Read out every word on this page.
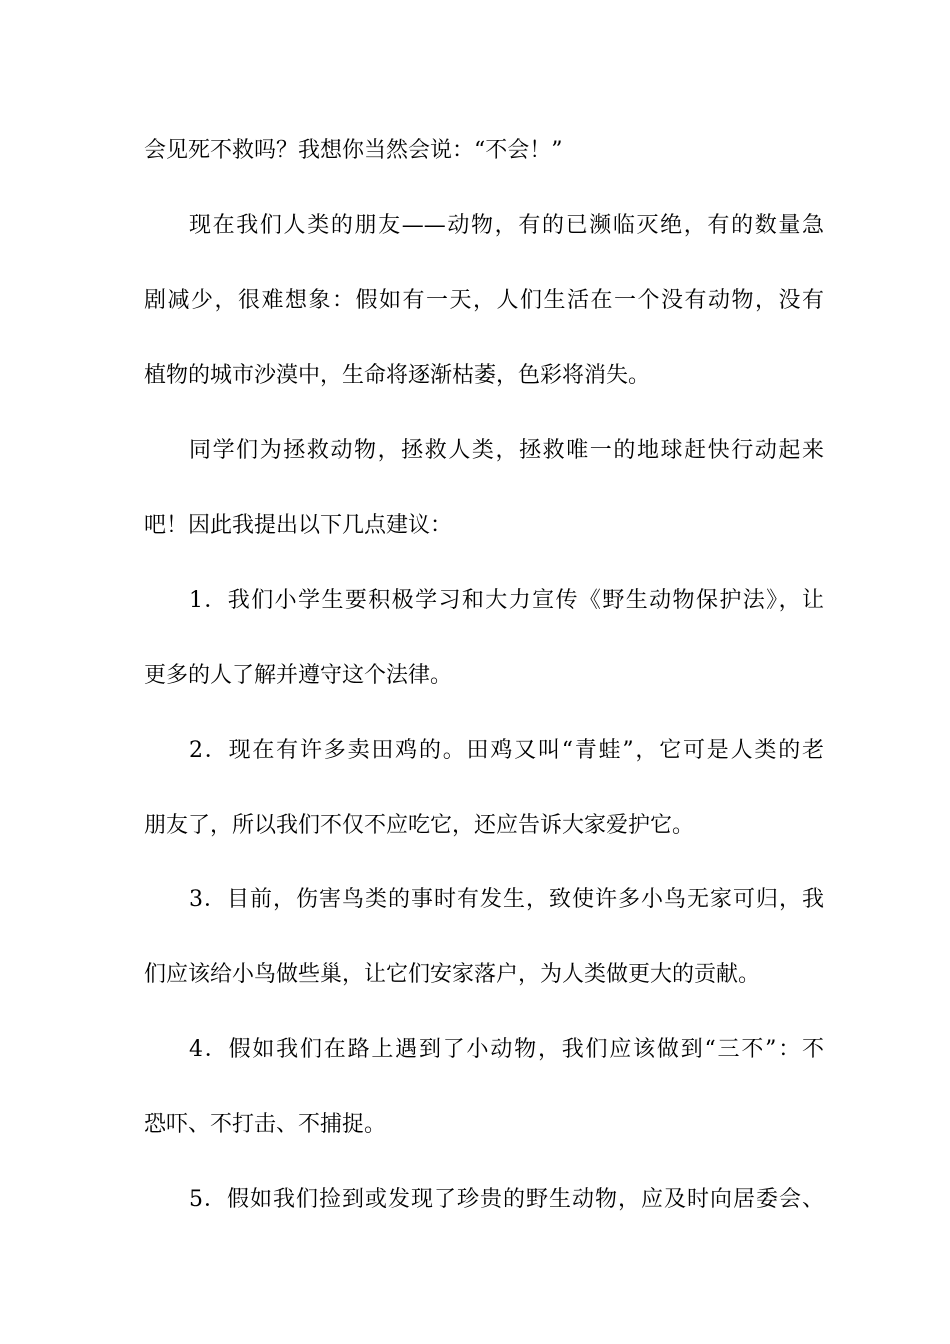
会见死不救吗？我想你当然会说：“不会！”
现在我们人类的朋友——动物，有的已濒临灭绝，有的数量急
剧减少，很难想象：假如有一天，人们生活在一个没有动物，没有
植物的城市沙漠中，生命将逐渐枯萎，色彩将消失。
同学们为拯救动物，拯救人类，拯救唯一的地球赶快行动起来
吧！因此我提出以下几点建议：
1．我们小学生要积极学习和大力宣传《野生动物保护法》，让
更多的人了解并遵守这个法律。
2．现在有许多卖田鸡的。田鸡又叫“青蛙”，它可是人类的老
朋友了，所以我们不仅不应吃它，还应告诉大家爱护它。
3．目前，伤害鸟类的事时有发生，致使许多小鸟无家可归，我
们应该给小鸟做些巢，让它们安家落户，为人类做更大的贡献。
4．假如我们在路上遇到了小动物，我们应该做到“三不”：不
恐吓、不打击、不捕捉。
5．假如我们捡到或发现了珍贵的野生动物，应及时向居委会、
